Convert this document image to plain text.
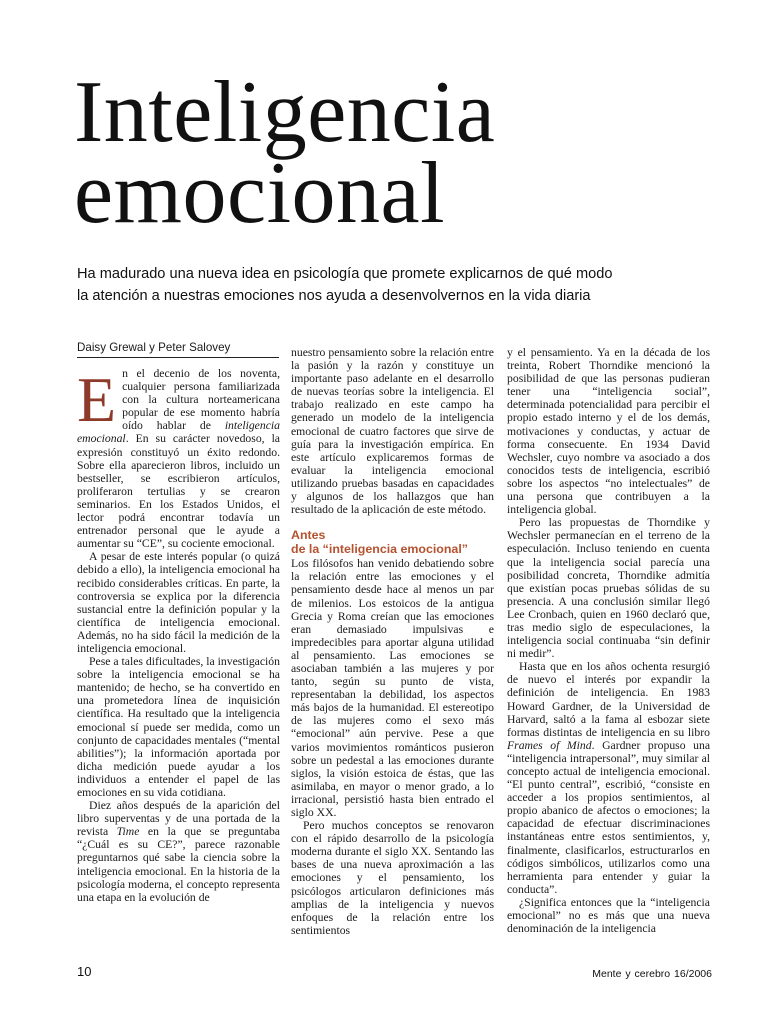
Inteligencia
emocional
Ha madurado una nueva idea en psicología que promete explicarnos de qué modo
la atención a nuestras emociones nos ayuda a desenvolvernos en la vida diaria
Daisy Grewal y Peter Salovey

En el decenio de los noventa, cualquier persona familiarizada con la cultura norteamericana popular de ese momento habría oído hablar de inteligencia emocional. En su carácter novedoso, la expresión constituyó un éxito redondo. Sobre ella aparecieron libros, incluido un bestseller, se escribieron artículos, proliferaron tertulias y se crearon seminarios. En los Estados Unidos, el lector podrá encontrar todavía un entrenador personal que le ayude a aumentar su “CE”, su cociente emocional.

A pesar de este interés popular (o quizá debido a ello), la inteligencia emocional ha recibido considerables críticas. En parte, la controversia se explica por la diferencia sustancial entre la definición popular y la científica de inteligencia emocional. Además, no ha sido fácil la medición de la inteligencia emocional.

Pese a tales dificultades, la investigación sobre la inteligencia emocional se ha mantenido; de hecho, se ha convertido en una prometedora línea de inquisición científica. Ha resultado que la inteligencia emocional sí puede ser medida, como un conjunto de capacidades mentales (“mental abilities”); la información aportada por dicha medición puede ayudar a los individuos a entender el papel de las emociones en su vida cotidiana.

Diez años después de la aparición del libro superventas y de una portada de la revista Time en la que se preguntaba “¿Cuál es su CE?”, parece razonable preguntarnos qué sabe la ciencia sobre la inteligencia emocional. En la historia de la psicología moderna, el concepto representa una etapa en la evolución de

nuestro pensamiento sobre la relación entre la pasión y la razón y constituye un importante paso adelante en el desarrollo de nuevas teorías sobre la inteligencia. El trabajo realizado en este campo ha generado un modelo de la inteligencia emocional de cuatro factores que sirve de guía para la investigación empírica. En este artículo explicaremos formas de evaluar la inteligencia emocional utilizando pruebas basadas en capacidades y algunos de los hallazgos que han resultado de la aplicación de este método.

Antes
de la “inteligencia emocional”

Los filósofos han venido debatiendo sobre la relación entre las emociones y el pensamiento desde hace al menos un par de milenios. Los estoicos de la antigua Grecia y Roma creían que las emociones eran demasiado impulsivas e impredecibles para aportar alguna utilidad al pensamiento. Las emociones se asociaban también a las mujeres y por tanto, según su punto de vista, representaban la debilidad, los aspectos más bajos de la humanidad. El estereotipo de las mujeres como el sexo más “emocional” aún pervive. Pese a que varios movimientos románticos pusieron sobre un pedestal a las emociones durante siglos, la visión estoica de éstas, que las asimilaba, en mayor o menor grado, a lo irracional, persistió hasta bien entrado el siglo XX.

Pero muchos conceptos se renovaron con el rápido desarrollo de la psicología moderna durante el siglo XX. Sentando las bases de una nueva aproximación a las emociones y el pensamiento, los psicólogos articularon definiciones más amplias de la inteligencia y nuevos enfoques de la relación entre los sentimientos

y el pensamiento. Ya en la década de los treinta, Robert Thorndike mencionó la posibilidad de que las personas pudieran tener una “inteligencia social”, determinada potencialidad para percibir el propio estado interno y el de los demás, motivaciones y conductas, y actuar de forma consecuente. En 1934 David Wechsler, cuyo nombre va asociado a dos conocidos tests de inteligencia, escribió sobre los aspectos “no intelectuales” de una persona que contribuyen a la inteligencia global.

Pero las propuestas de Thorndike y Wechsler permanecían en el terreno de la especulación. Incluso teniendo en cuenta que la inteligencia social parecía una posibilidad concreta, Thorndike admitía que existían pocas pruebas sólidas de su presencia. A una conclusión similar llegó Lee Cronbach, quien en 1960 declaró que, tras medio siglo de especulaciones, la inteligencia social continuaba “sin definir ni medir”.

Hasta que en los años ochenta resurgió de nuevo el interés por expandir la definición de inteligencia. En 1983 Howard Gardner, de la Universidad de Harvard, saltó a la fama al esbozar siete formas distintas de inteligencia en su libro Frames of Mind. Gardner propuso una “inteligencia intrapersonal”, muy similar al concepto actual de inteligencia emocional. “El punto central”, escribió, “consiste en acceder a los propios sentimientos, al propio abanico de afectos o emociones; la capacidad de efectuar discriminaciones instantáneas entre estos sentimientos, y, finalmente, clasificarlos, estructurarlos en códigos simbólicos, utilizarlos como una herramienta para entender y guiar la conducta”.

¿Significa entonces que la “inteligencia emocional” no es más que una nueva denominación de la inteligencia

10	Mente y cerebro 16/2006
